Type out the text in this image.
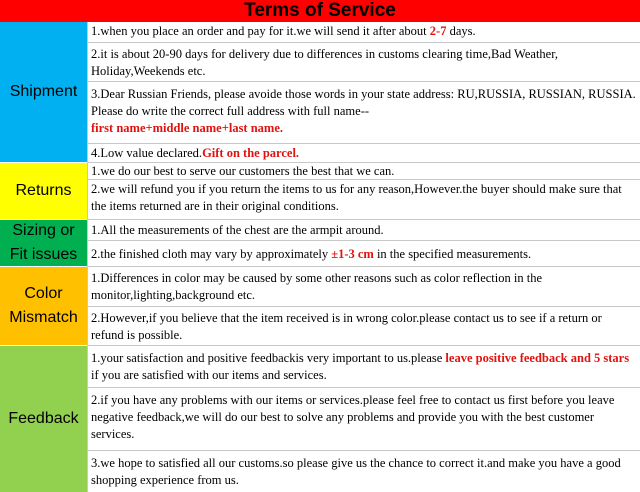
Terms of Service
Shipment
1.when you place an order and pay for it.we will send it after about 2-7 days.
2.it is about 20-90 days for delivery due to differences in customs clearing time,Bad Weather, Holiday,Weekends etc.
3.Dear Russian Friends, please avoide those words in your state address: RU,RUSSIA, RUSSIAN, RUSSIA. Please do write the correct full address with full name--
first name+middle name+last name.
4.Low value declared.Gift on the parcel.
Returns
1.we do our best to serve our customers the best that we can.
2.we will refund you if you return the items to us for any reason,However.the buyer should make sure that the items returned are in their original conditions.
Sizing or
Fit issues
1.All the measurements of the chest are the armpit around.
2.the finished cloth may vary by approximately ±1-3 cm in the specified measurements.
Color
Mismatch
1.Differences in color may be caused by some other reasons such as color reflection in the monitor,lighting,background etc.
2.However,if you believe that the item received is in wrong color.please contact us to see if a return or refund is possible.
Feedback
1.your satisfaction and positive feedbackis very important to us.please leave positive feedback and 5 stars if you are satisfied with our items and services.
2.if you have any problems with our items or services.please feel free to contact us first before you leave negative feedback,we will do our best to solve any problems and provide you with the best customer services.
3.we hope to satisfied all our customs.so please give us the chance to correct it.and make you have a good shopping experience from us.
